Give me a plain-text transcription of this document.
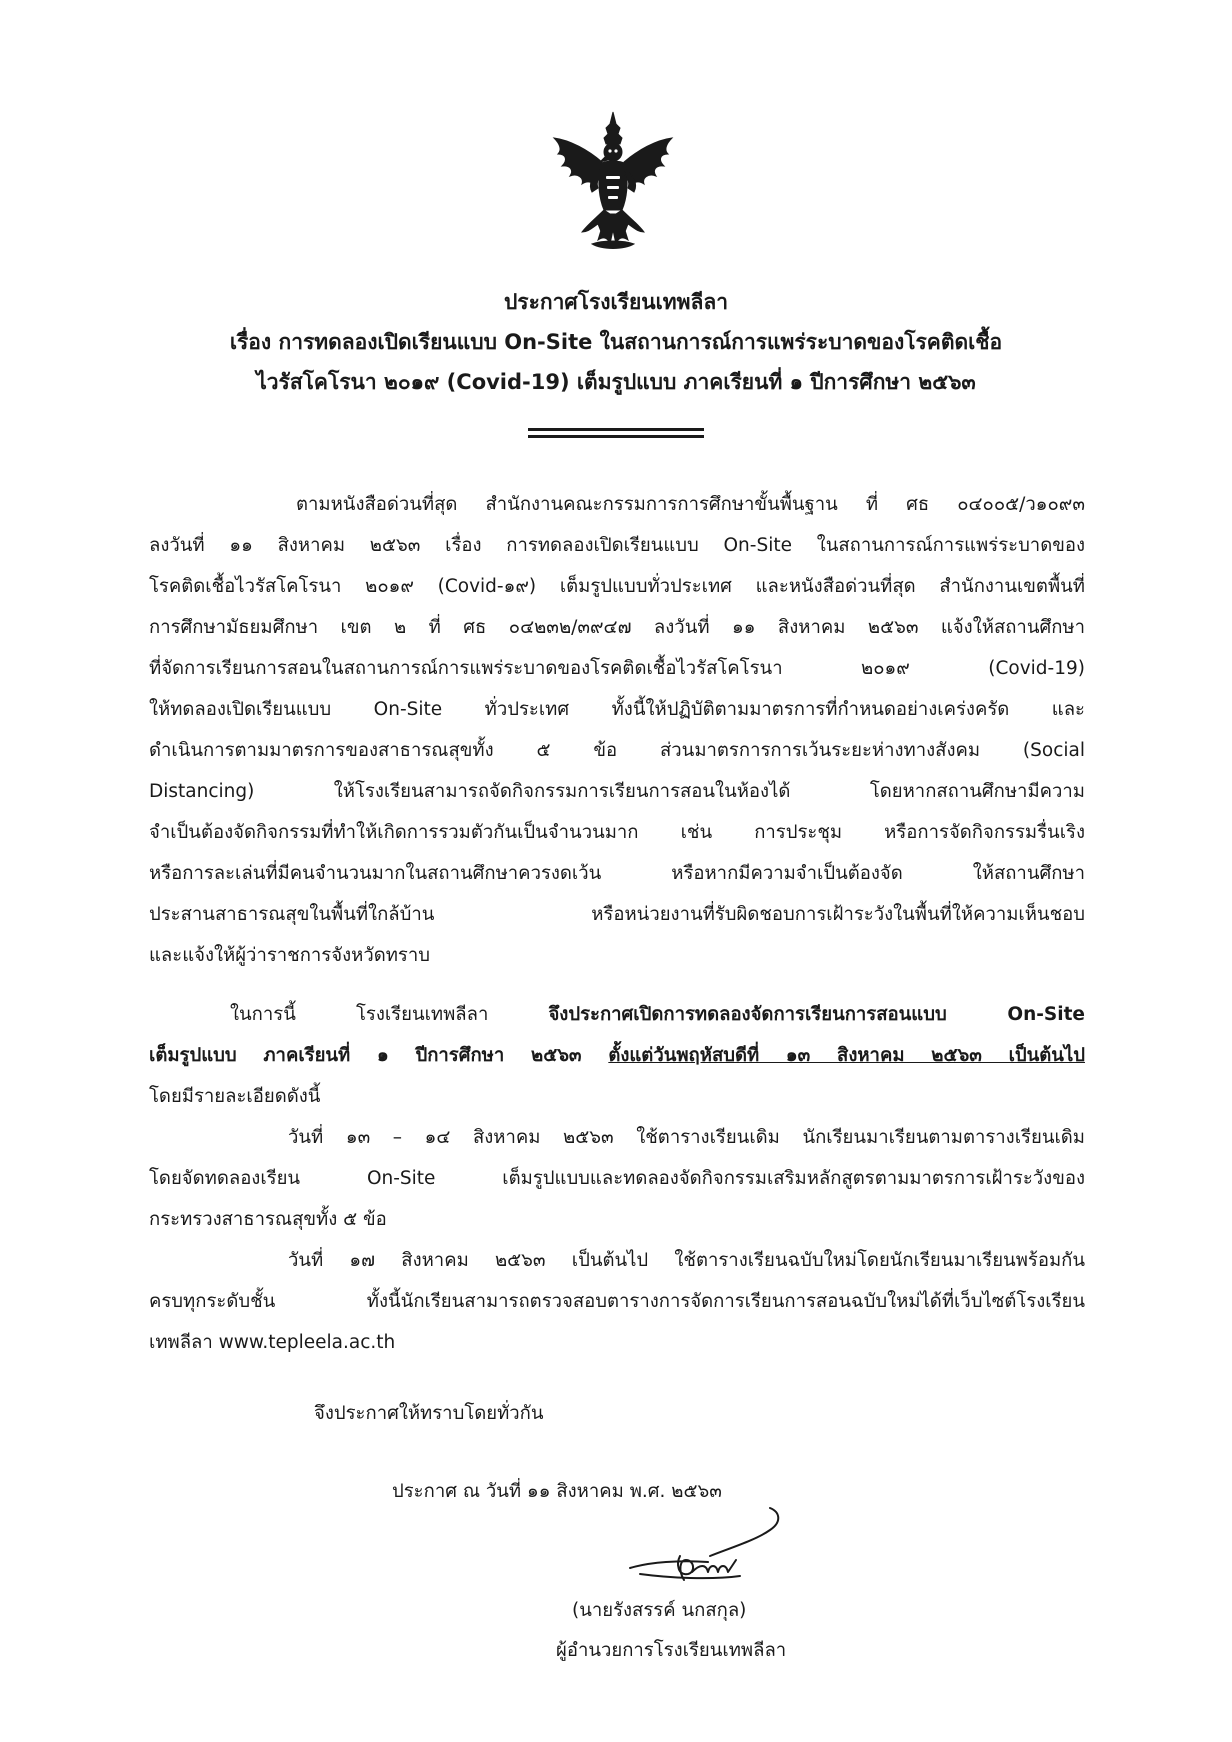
ประกาศโรงเรียนเทพลีลา
เรื่อง การทดลองเปิดเรียนแบบ On-Site ในสถานการณ์การแพร่ระบาดของโรคติดเชื้อ
ไวรัสโคโรนา ๒๐๑๙ (Covid-19) เต็มรูปแบบ ภาคเรียนที่ ๑ ปีการศึกษา ๒๕๖๓
ตามหนังสือด่วนที่สุด สำนักงานคณะกรรมการการศึกษาขั้นพื้นฐาน ที่ ศธ ๐๔๐๐๕/ว๑๐๙๓
ลงวันที่ ๑๑ สิงหาคม ๒๕๖๓ เรื่อง การทดลองเปิดเรียนแบบ On-Site ในสถานการณ์การแพร่ระบาดของ
โรคติดเชื้อไวรัสโคโรนา ๒๐๑๙ (Covid-๑๙) เต็มรูปแบบทั่วประเทศ และหนังสือด่วนที่สุด สำนักงานเขตพื้นที่
การศึกษามัธยมศึกษา เขต ๒ ที่ ศธ ๐๔๒๓๒/๓๙๔๗ ลงวันที่ ๑๑ สิงหาคม ๒๕๖๓ แจ้งให้สถานศึกษา
ที่จัดการเรียนการสอนในสถานการณ์การแพร่ระบาดของโรคติดเชื้อไวรัสโคโรนา ๒๐๑๙ (Covid-19)
ให้ทดลองเปิดเรียนแบบ On-Site ทั่วประเทศ ทั้งนี้ให้ปฏิบัติตามมาตรการที่กำหนดอย่างเคร่งครัด และ
ดำเนินการตามมาตรการของสาธารณสุขทั้ง ๕ ข้อ ส่วนมาตรการการเว้นระยะห่างทางสังคม (Social
Distancing) ให้โรงเรียนสามารถจัดกิจกรรมการเรียนการสอนในห้องได้ โดยหากสถานศึกษามีความ
จำเป็นต้องจัดกิจกรรมที่ทำให้เกิดการรวมตัวกันเป็นจำนวนมาก เช่น การประชุม หรือการจัดกิจกรรมรื่นเริง
หรือการละเล่นที่มีคนจำนวนมากในสถานศึกษาควรงดเว้น หรือหากมีความจำเป็นต้องจัด ให้สถานศึกษา
ประสานสาธารณสุขในพื้นที่ใกล้บ้าน หรือหน่วยงานที่รับผิดชอบการเฝ้าระวังในพื้นที่ให้ความเห็นชอบ
และแจ้งให้ผู้ว่าราชการจังหวัดทราบ
ในการนี้ โรงเรียนเทพลีลา จึงประกาศเปิดการทดลองจัดการเรียนการสอนแบบ On-Site
เต็มรูปแบบ ภาคเรียนที่ ๑ ปีการศึกษา ๒๕๖๓ ตั้งแต่วันพฤหัสบดีที่ ๑๓ สิงหาคม ๒๕๖๓ เป็นต้นไป
โดยมีรายละเอียดดังนี้
วันที่ ๑๓ – ๑๔ สิงหาคม ๒๕๖๓ ใช้ตารางเรียนเดิม นักเรียนมาเรียนตามตารางเรียนเดิม
โดยจัดทดลองเรียน On-Site เต็มรูปแบบและทดลองจัดกิจกรรมเสริมหลักสูตรตามมาตรการเฝ้าระวังของ
กระทรวงสาธารณสุขทั้ง ๕ ข้อ
วันที่ ๑๗ สิงหาคม ๒๕๖๓ เป็นต้นไป ใช้ตารางเรียนฉบับใหม่โดยนักเรียนมาเรียนพร้อมกัน
ครบทุกระดับชั้น ทั้งนี้นักเรียนสามารถตรวจสอบตารางการจัดการเรียนการสอนฉบับใหม่ได้ที่เว็บไซต์โรงเรียน
เทพลีลา www.tepleela.ac.th
จึงประกาศให้ทราบโดยทั่วกัน
ประกาศ ณ วันที่ ๑๑ สิงหาคม พ.ศ. ๒๕๖๓
(นายรังสรรค์ นกสกุล)
ผู้อำนวยการโรงเรียนเทพลีลา
